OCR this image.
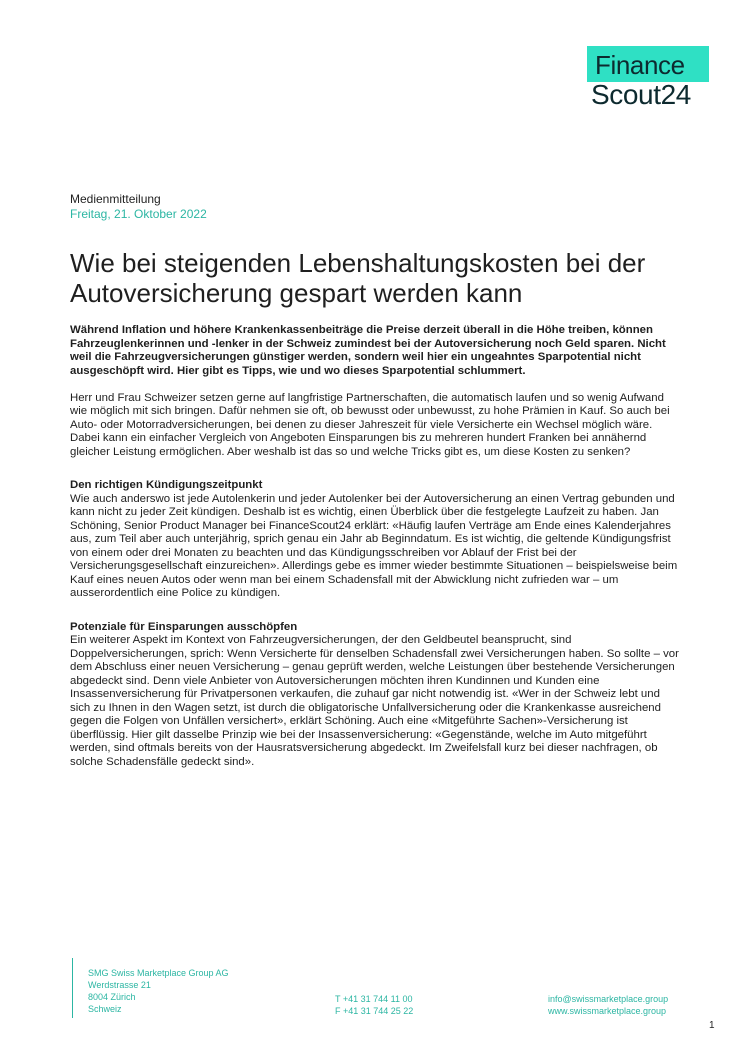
Finance
Scout24
Medienmitteilung
Freitag, 21. Oktober 2022
Wie bei steigenden Lebenshaltungskosten bei der Autoversicherung gespart werden kann

Während Inflation und höhere Krankenkassenbeiträge die Preise derzeit überall in die Höhe treiben, können Fahrzeuglenkerinnen und -lenker in der Schweiz zumindest bei der Autoversicherung noch Geld sparen. Nicht weil die Fahrzeugversicherungen günstiger werden, sondern weil hier ein ungeahntes Sparpotential nicht ausgeschöpft wird. Hier gibt es Tipps, wie und wo dieses Sparpotential schlummert.

Herr und Frau Schweizer setzen gerne auf langfristige Partnerschaften, die automatisch laufen und so wenig Aufwand wie möglich mit sich bringen. Dafür nehmen sie oft, ob bewusst oder unbewusst, zu hohe Prämien in Kauf. So auch bei Auto- oder Motorradversicherungen, bei denen zu dieser Jahreszeit für viele Versicherte ein Wechsel möglich wäre. Dabei kann ein einfacher Vergleich von Angeboten Einsparungen bis zu mehreren hundert Franken bei annähernd gleicher Leistung ermöglichen. Aber weshalb ist das so und welche Tricks gibt es, um diese Kosten zu senken?

Den richtigen Kündigungszeitpunkt

Wie auch anderswo ist jede Autolenkerin und jeder Autolenker bei der Autoversicherung an einen Vertrag gebunden und kann nicht zu jeder Zeit kündigen. Deshalb ist es wichtig, einen Überblick über die festgelegte Laufzeit zu haben. Jan Schöning, Senior Product Manager bei FinanceScout24 erklärt: «Häufig laufen Verträge am Ende eines Kalenderjahres aus, zum Teil aber auch unterjährig, sprich genau ein Jahr ab Beginndatum. Es ist wichtig, die geltende Kündigungsfrist von einem oder drei Monaten zu beachten und das Kündigungsschreiben vor Ablauf der Frist bei der Versicherungsgesellschaft einzureichen». Allerdings gebe es immer wieder bestimmte Situationen – beispielsweise beim Kauf eines neuen Autos oder wenn man bei einem Schadensfall mit der Abwicklung nicht zufrieden war – um ausserordentlich eine Police zu kündigen.

Potenziale für Einsparungen ausschöpfen

Ein weiterer Aspekt im Kontext von Fahrzeugversicherungen, der den Geldbeutel beansprucht, sind Doppelversicherungen, sprich: Wenn Versicherte für denselben Schadensfall zwei Versicherungen haben. So sollte – vor dem Abschluss einer neuen Versicherung – genau geprüft werden, welche Leistungen über bestehende Versicherungen abgedeckt sind. Denn viele Anbieter von Autoversicherungen möchten ihren Kundinnen und Kunden eine Insassenversicherung für Privatpersonen verkaufen, die zuhauf gar nicht notwendig ist. «Wer in der Schweiz lebt und sich zu Ihnen in den Wagen setzt, ist durch die obligatorische Unfallversicherung oder die Krankenkasse ausreichend gegen die Folgen von Unfällen versichert», erklärt Schöning. Auch eine «Mitgeführte Sachen»-Versicherung ist überflüssig. Hier gilt dasselbe Prinzip wie bei der Insassenversicherung: «Gegenstände, welche im Auto mitgeführt werden, sind oftmals bereits von der Hausratsversicherung abgedeckt. Im Zweifelsfall kurz bei dieser nachfragen, ob solche Schadensfälle gedeckt sind».

SMG Swiss Marketplace Group AG
Werdstrasse 21
8004 Zürich
Schweiz
T +41 31 744 11 00
F +41 31 744 25 22
info@swissmarketplace.group
www.swissmarketplace.group
1
